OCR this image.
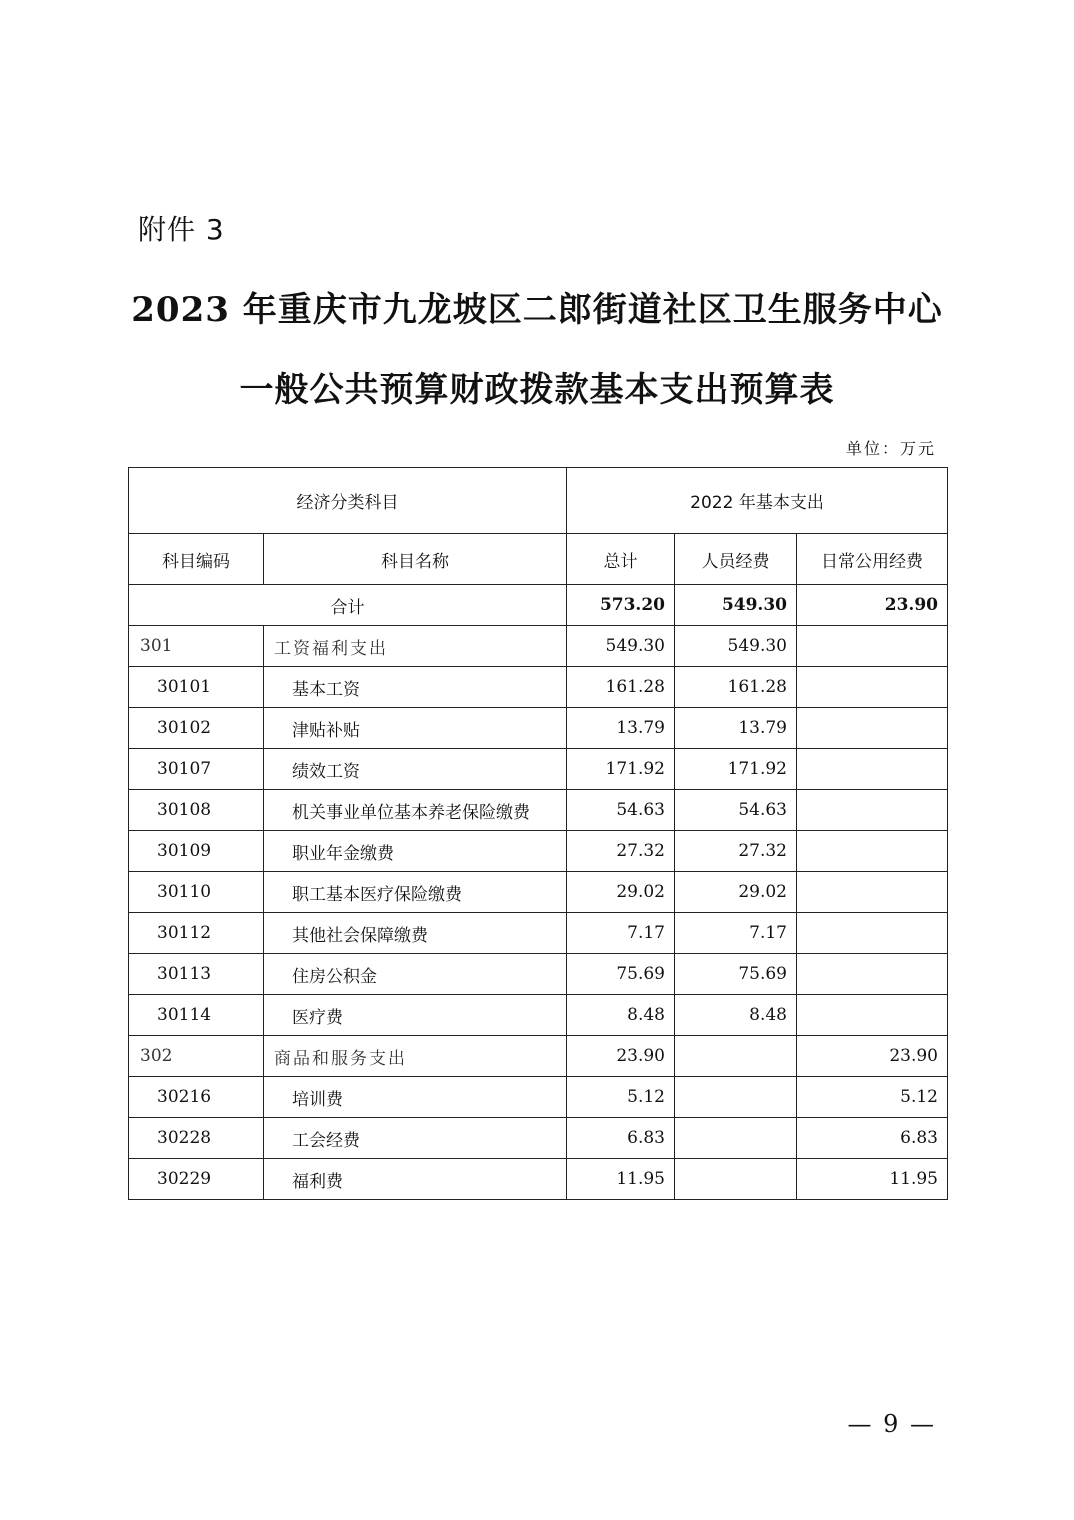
附件 3
2023 年重庆市九龙坡区二郎街道社区卫生服务中心
一般公共预算财政拨款基本支出预算表
单位：万元
经济分类科目		2022 年基本支出		
科目编码	科目名称	总计	人员经费	日常公用经费
合计		573.20	549.30	23.90
301	工资福利支出	549.30	549.30	
30101	基本工资	161.28	161.28	
30102	津贴补贴	13.79	13.79	
30107	绩效工资	171.92	171.92	
30108	机关事业单位基本养老保险缴费	54.63	54.63	
30109	职业年金缴费	27.32	27.32	
30110	职工基本医疗保险缴费	29.02	29.02	
30112	其他社会保障缴费	7.17	7.17	
30113	住房公积金	75.69	75.69	
30114	医疗费	8.48	8.48	
302	商品和服务支出	23.90		23.90
30216	培训费	5.12		5.12
30228	工会经费	6.83		6.83
30229	福利费	11.95		11.95
— 9 —
